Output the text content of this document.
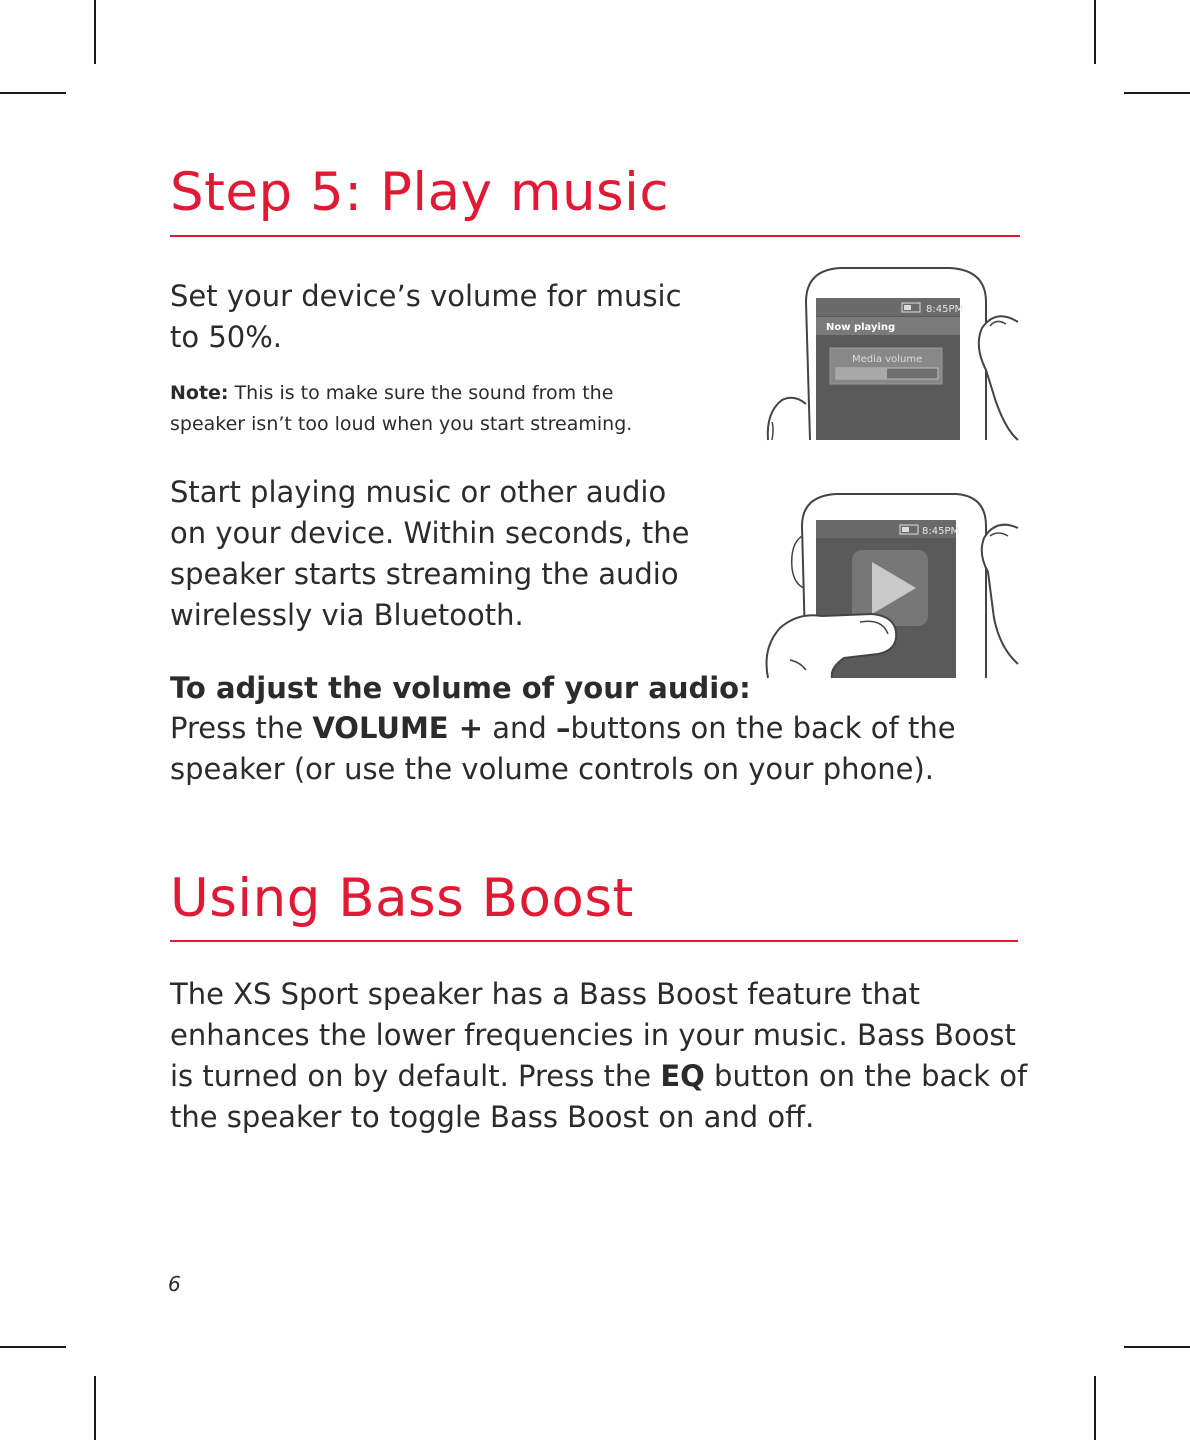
Step 5: Play music

Set your device’s volume for music
to 50%.

Note: This is to make sure the sound from the
speaker isn’t too loud when you start streaming.

8:45PM
Now playing
Media volume

Start playing music or other audio
on your device. Within seconds, the
speaker starts streaming the audio
wirelessly via Bluetooth.

8:45PM

To adjust the volume of your audio:

Press the VOLUME + and –buttons on the back of the
speaker (or use the volume controls on your phone).

Using Bass Boost

The XS Sport speaker has a Bass Boost feature that
enhances the lower frequencies in your music. Bass Boost
is turned on by default. Press the EQ button on the back of
the speaker to toggle Bass Boost on and off.

6
